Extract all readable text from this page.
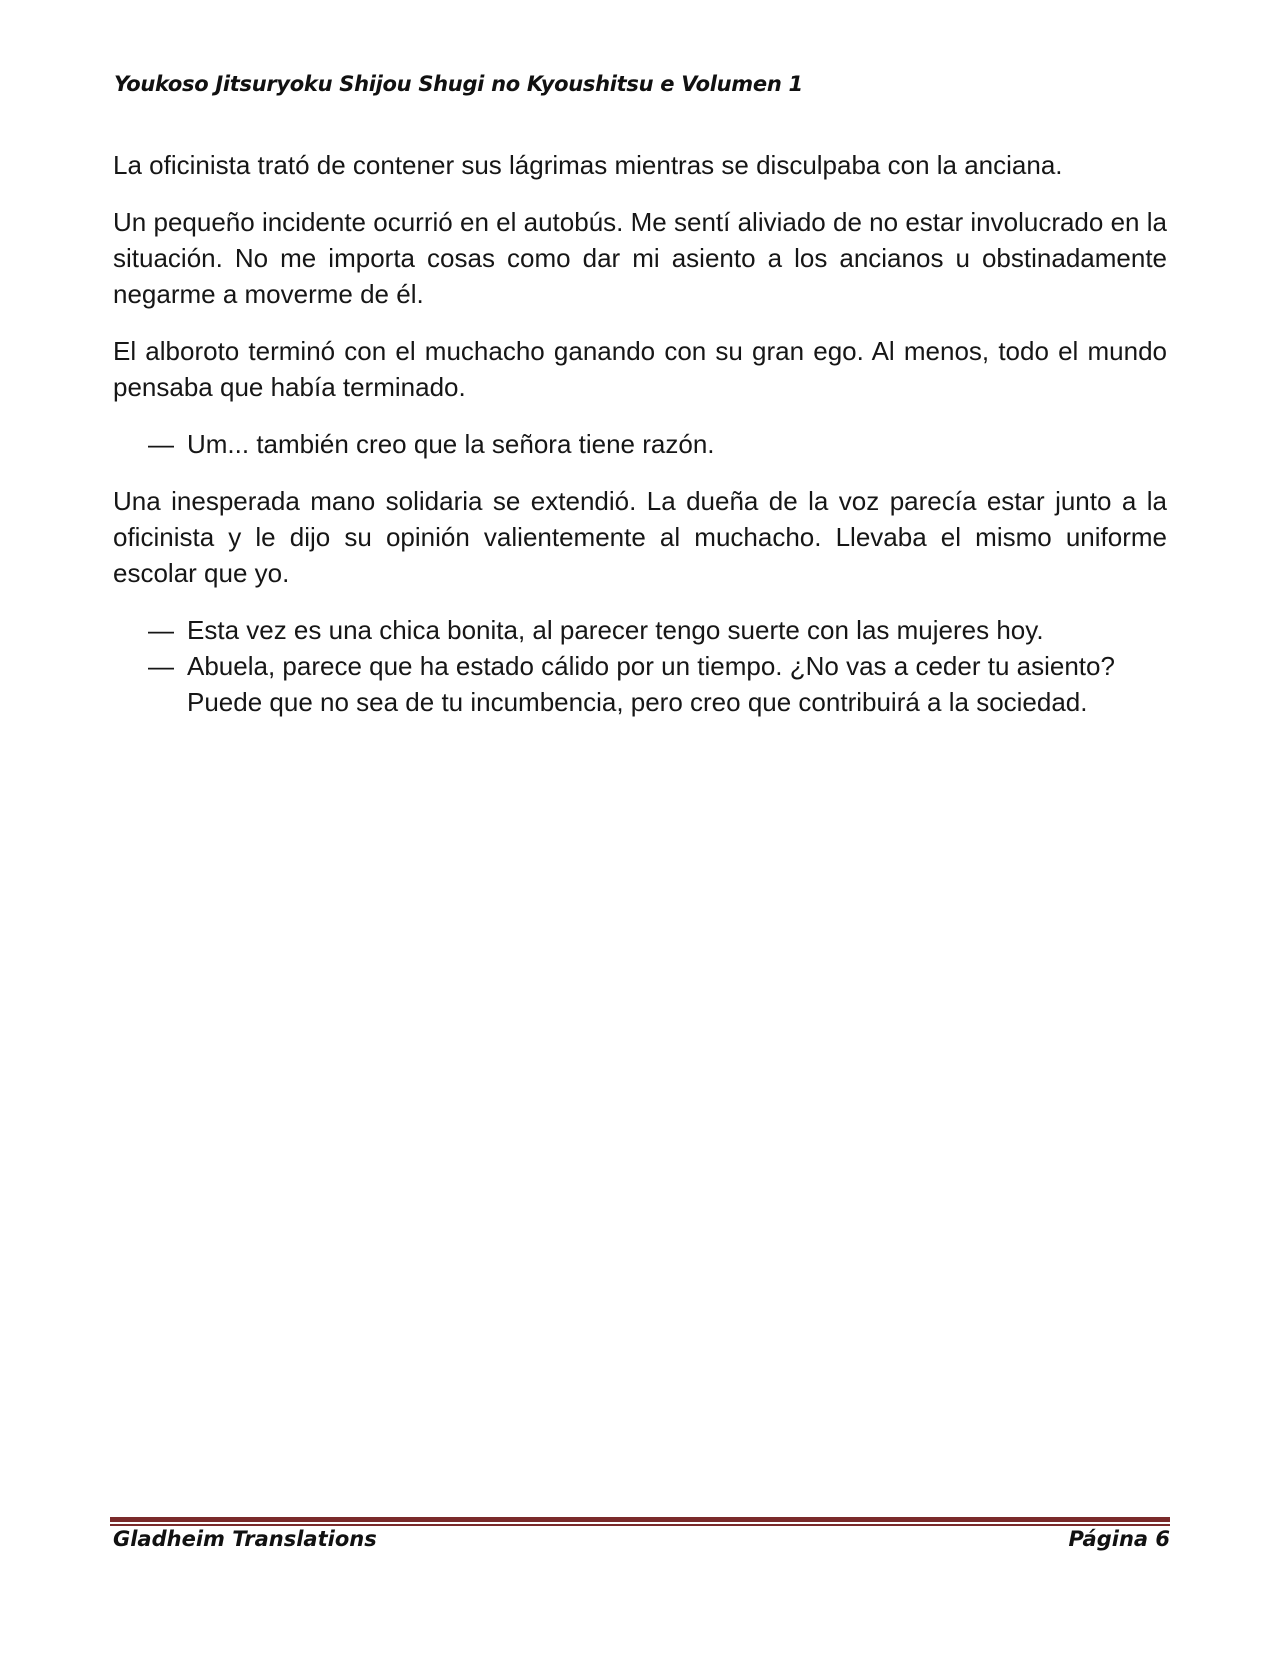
Youkoso Jitsuryoku Shijou Shugi no Kyoushitsu e Volumen 1

La oficinista trató de contener sus lágrimas mientras se disculpaba con la anciana.

Un pequeño incidente ocurrió en el autobús. Me sentí aliviado de no estar involucrado en la situación. No me importa cosas como dar mi asiento a los ancianos u obstinadamente negarme a moverme de él.

El alboroto terminó con el muchacho ganando con su gran ego. Al menos, todo el mundo pensaba que había terminado.

— Um... también creo que la señora tiene razón.

Una inesperada mano solidaria se extendió. La dueña de la voz parecía estar junto a la oficinista y le dijo su opinión valientemente al muchacho. Llevaba el mismo uniforme escolar que yo.

— Esta vez es una chica bonita, al parecer tengo suerte con las mujeres hoy.
— Abuela, parece que ha estado cálido por un tiempo. ¿No vas a ceder tu asiento? Puede que no sea de tu incumbencia, pero creo que contribuirá a la sociedad.
Gladheim Translations	Página 6
